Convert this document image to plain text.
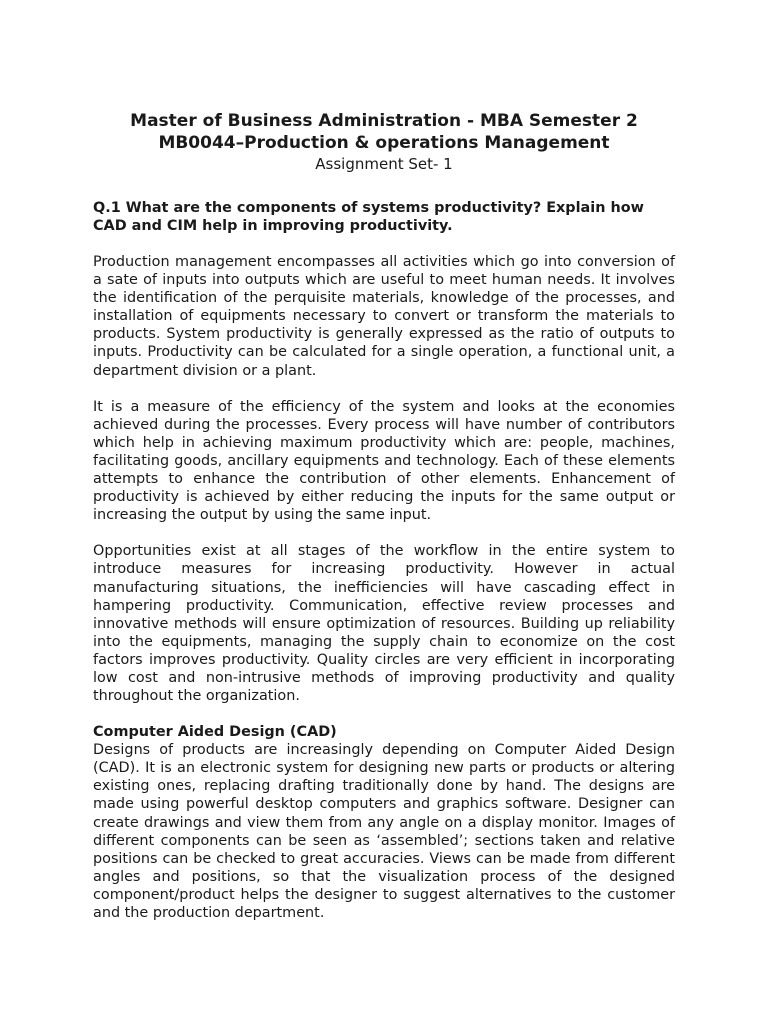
Master of Business Administration - MBA Semester 2

MB0044–Production & operations Management

Assignment Set- 1

Q.1 What are the components of systems productivity? Explain how CAD and CIM help in improving productivity.

Production management encompasses all activities which go into conversion of a sate of inputs into outputs which are useful to meet human needs. It involves the identification of the perquisite materials, knowledge of the processes, and installation of equipments necessary to convert or transform the materials to products. System productivity is generally expressed as the ratio of outputs to inputs. Productivity can be calculated for a single operation, a functional unit, a department division or a plant.

It is a measure of the efficiency of the system and looks at the economies achieved during the processes. Every process will have number of contributors which help in achieving maximum productivity which are: people, machines, facilitating goods, ancillary equipments and technology. Each of these elements attempts to enhance the contribution of other elements. Enhancement of productivity is achieved by either reducing the inputs for the same output or increasing the output by using the same input.

Opportunities exist at all stages of the workflow in the entire system to introduce measures for increasing productivity. However in actual manufacturing situations, the inefficiencies will have cascading effect in hampering productivity. Communication, effective review processes and innovative methods will ensure optimization of resources. Building up reliability into the equipments, managing the supply chain to economize on the cost factors improves productivity. Quality circles are very efficient in incorporating low cost and non-intrusive methods of improving productivity and quality throughout the organization.

Computer Aided Design (CAD)

Designs of products are increasingly depending on Computer Aided Design (CAD). It is an electronic system for designing new parts or products or altering existing ones, replacing drafting traditionally done by hand. The designs are made using powerful desktop computers and graphics software. Designer can create drawings and view them from any angle on a display monitor. Images of different components can be seen as ‘assembled’; sections taken and relative positions can be checked to great accuracies. Views can be made from different angles and positions, so that the visualization process of the designed component/product helps the designer to suggest alternatives to the customer and the production department.
